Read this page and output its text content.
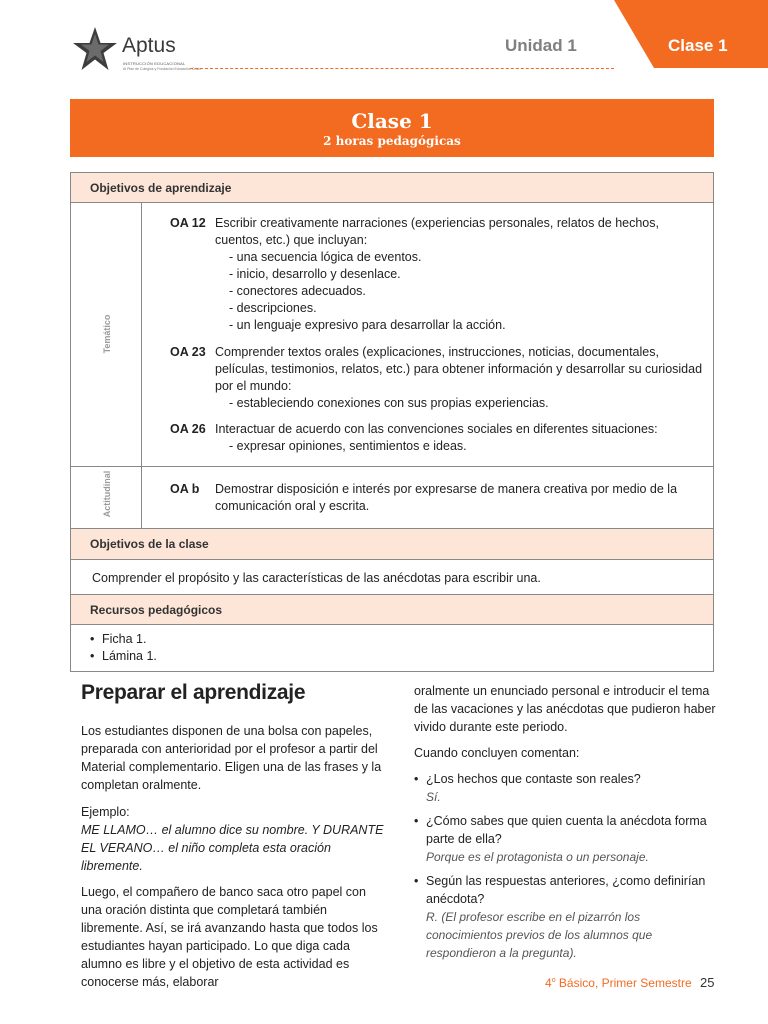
Aptus
INSTRUCCIÓN EDUCACIONAL
Al Plan de Colegios y Fundación Educación Cristo
Unidad 1	Clase 1
Clase 1
2 horas pedagógicas
Objetivos de aprendizaje
Temático
OA 12 Escribir creativamente narraciones (experiencias personales, relatos de hechos, cuentos, etc.) que incluyan:
- una secuencia lógica de eventos.
- inicio, desarrollo y desenlace.
- conectores adecuados.
- descripciones.
- un lenguaje expresivo para desarrollar la acción.
OA 23 Comprender textos orales (explicaciones, instrucciones, noticias, documentales, películas, testimonios, relatos, etc.) para obtener información y desarrollar su curiosidad por el mundo:
- estableciendo conexiones con sus propias experiencias.
OA 26 Interactuar de acuerdo con las convenciones sociales en diferentes situaciones:
- expresar opiniones, sentimientos e ideas.
Actitudinal	OA b	Demostrar disposición e interés por expresarse de manera creativa por medio de la comunicación oral y escrita.
Objetivos de la clase
Comprender el propósito y las características de las anécdotas para escribir una.
Recursos pedagógicos
• Ficha 1.
• Lámina 1.
Preparar el aprendizaje

Los estudiantes disponen de una bolsa con papeles, preparada con anterioridad por el profesor a partir del Material complementario. Eligen una de las frases y la completan oralmente.

Ejemplo:
ME LLAMO… el alumno dice su nombre. Y DURANTE EL VERANO… el niño completa esta oración libremente.

Luego, el compañero de banco saca otro papel con una oración distinta que completará también libremente. Así, se irá avanzando hasta que todos los estudiantes hayan participado. Lo que diga cada alumno es libre y el objetivo de esta actividad es conocerse más, elaborar

oralmente un enunciado personal e introducir el tema de las vacaciones y las anécdotas que pudieron haber vivido durante este periodo.

Cuando concluyen comentan:

• ¿Los hechos que contaste son reales?
Sí.
• ¿Cómo sabes que quien cuenta la anécdota forma parte de ella?
Porque es el protagonista o un personaje.
• Según las respuestas anteriores, ¿como definirían anécdota?
R. (El profesor escribe en el pizarrón los conocimientos previos de los alumnos que respondieron a la pregunta).
4$^o$ Básico, Primer Semestre 25
